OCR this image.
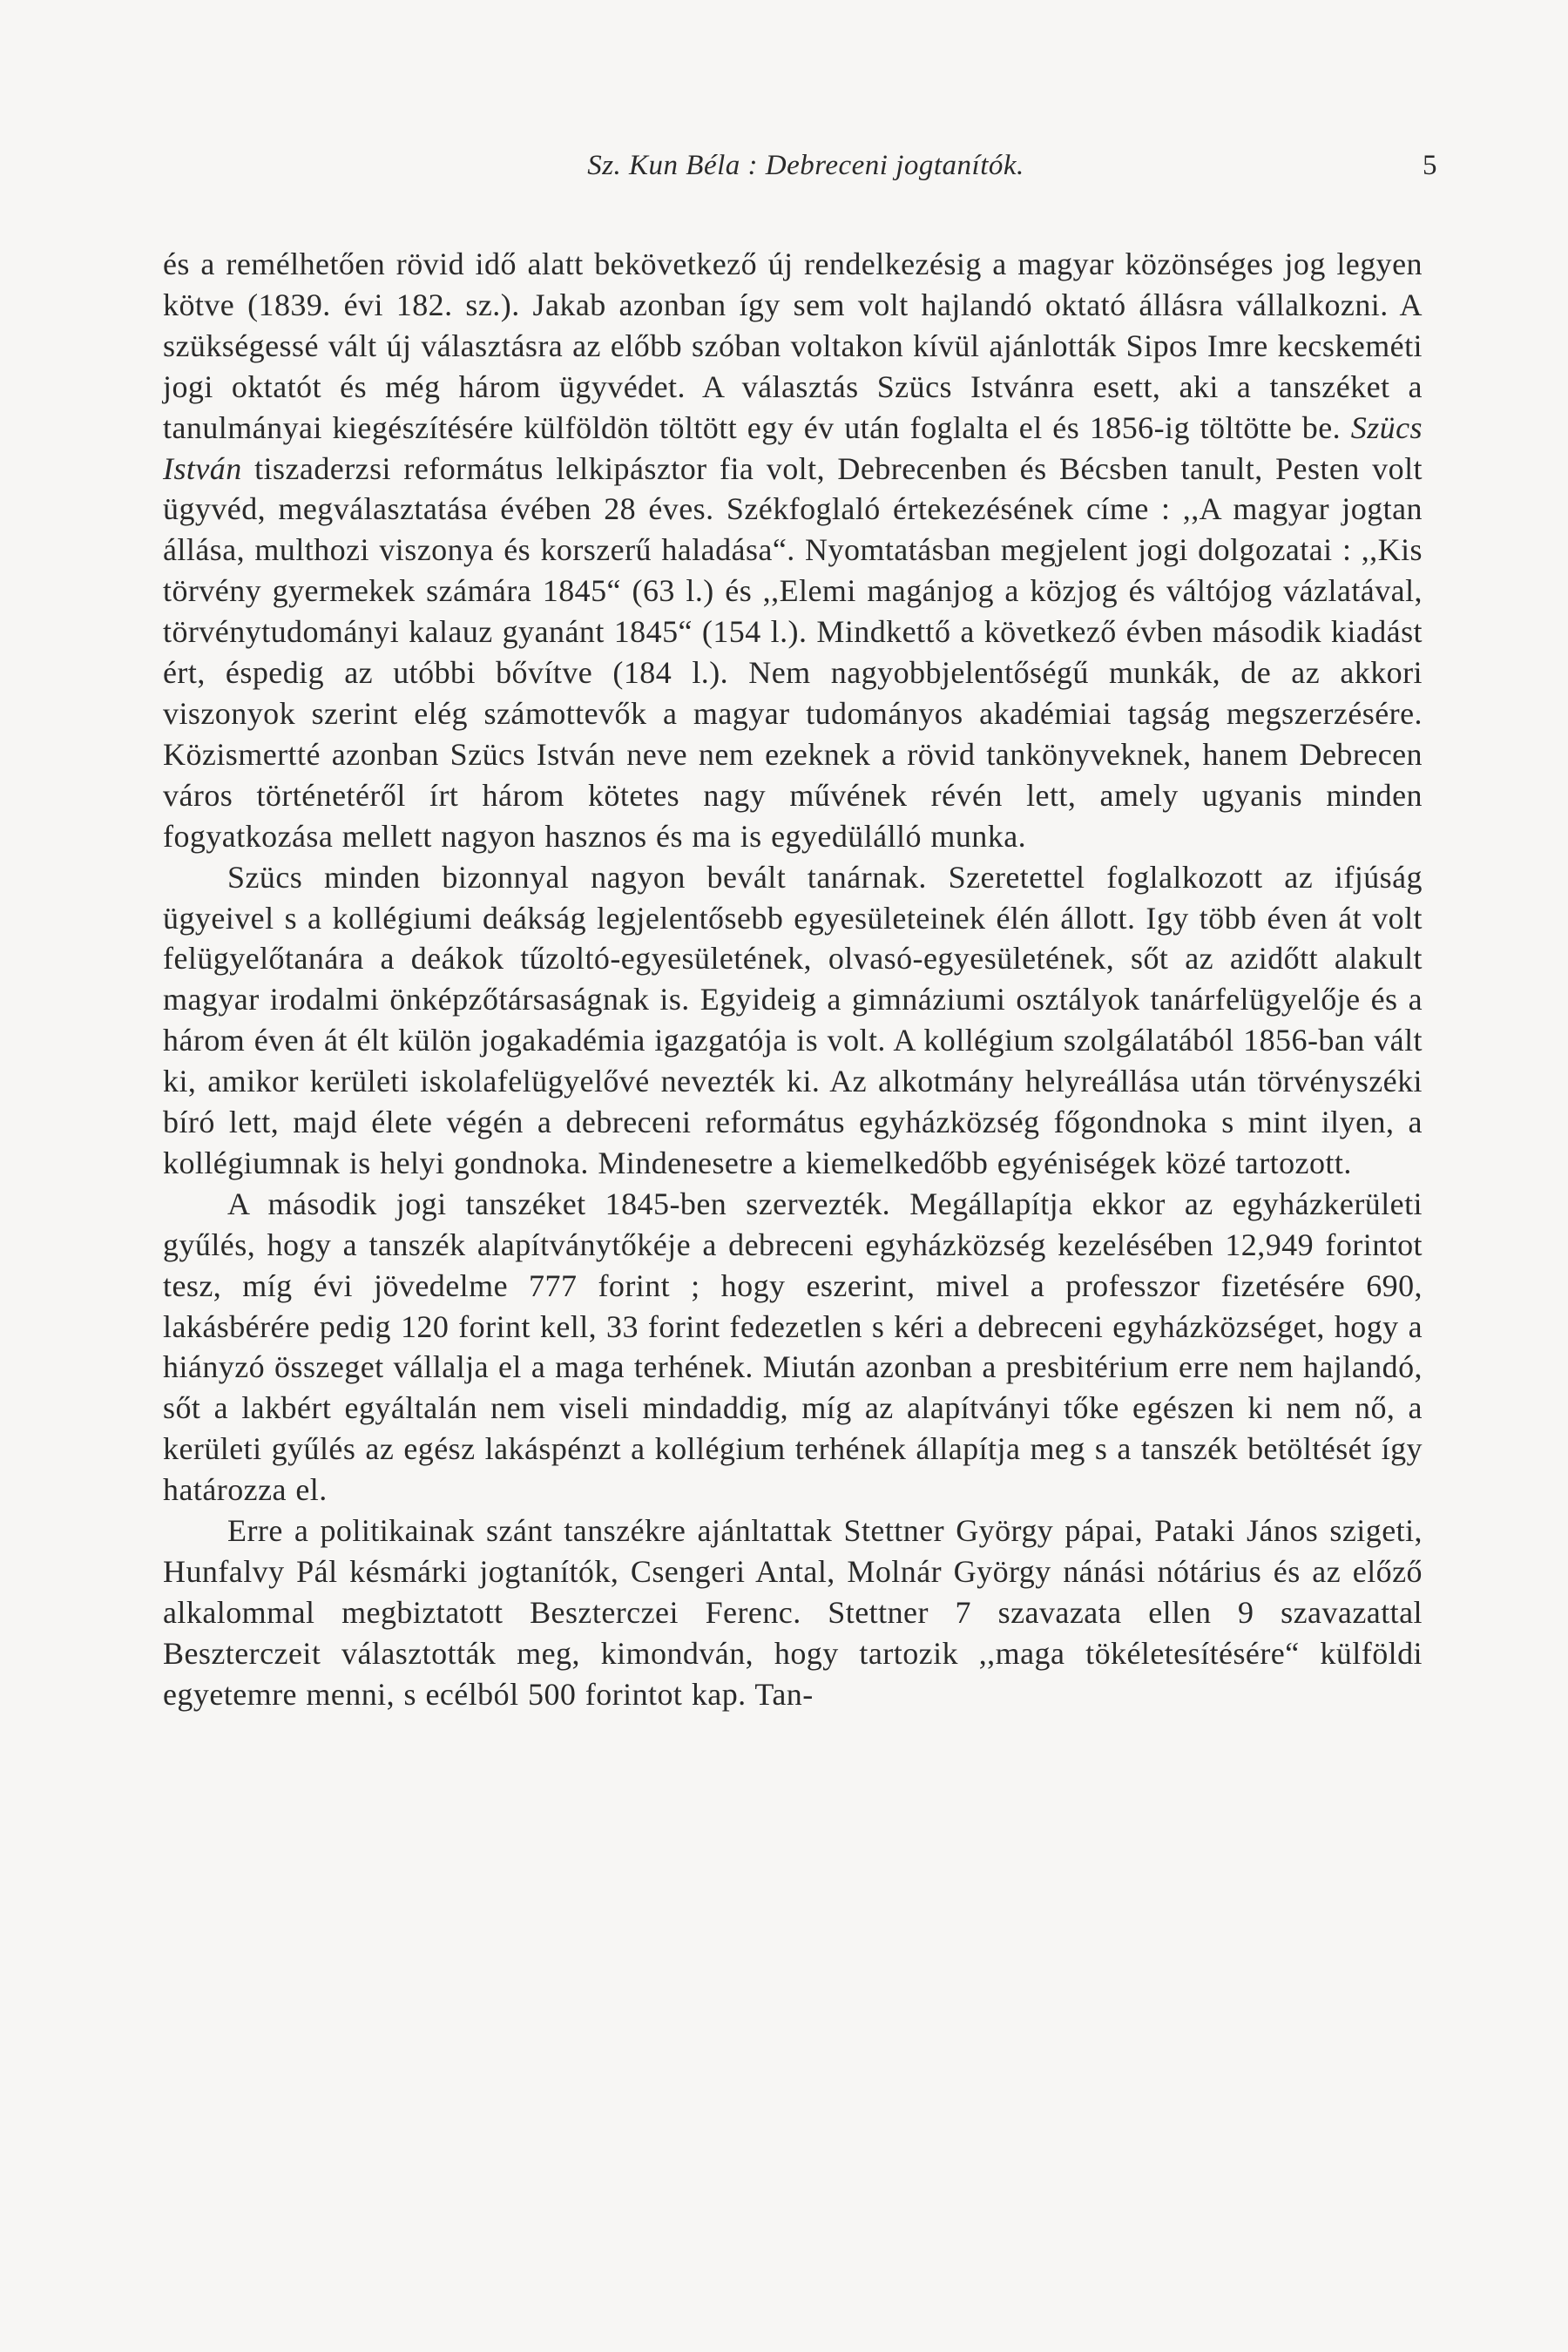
Sz. Kun Béla : Debreceni jogtanítók.	5

és a remélhetően rövid idő alatt bekövetkező új rendelkezésig a magyar közönséges jog legyen kötve (1839. évi 182. sz.). Jakab azonban így sem volt hajlandó oktató állásra vállalkozni. A szükségessé vált új választásra az előbb szóban voltakon kívül ajánlották Sipos Imre kecskeméti jogi oktatót és még három ügyvédet. A választás Szücs Istvánra esett, aki a tanszéket a tanulmányai kiegészítésére külföldön töltött egy év után foglalta el és 1856-ig töltötte be. Szücs István tiszaderzsi református lelkipásztor fia volt, Debrecenben és Bécsben tanult, Pesten volt ügyvéd, megválasztatása évében 28 éves. Székfoglaló értekezésének címe : ,,A magyar jogtan állása, multhozi viszonya és korszerű haladása“. Nyomtatásban megjelent jogi dolgozatai : ,,Kis törvény gyermekek számára 1845“ (63 l.) és ,,Elemi magánjog a közjog és váltójog vázlatával, törvénytudományi kalauz gyanánt 1845“ (154 l.). Mindkettő a következő évben második kiadást ért, éspedig az utóbbi bővítve (184 l.). Nem nagyobbjelentőségű munkák, de az akkori viszonyok szerint elég számottevők a magyar tudományos akadémiai tagság megszerzésére. Közismertté azonban Szücs István neve nem ezeknek a rövid tankönyveknek, hanem Debrecen város történetéről írt három kötetes nagy művének révén lett, amely ugyanis minden fogyatkozása mellett nagyon hasznos és ma is egyedülálló munka.

Szücs minden bizonnyal nagyon bevált tanárnak. Szeretettel foglalkozott az ifjúság ügyeivel s a kollégiumi deákság legjelentősebb egyesületeinek élén állott. Igy több éven át volt felügyelőtanára a deákok tűzoltó-egyesületének, olvasó-egyesületének, sőt az azidőtt alakult magyar irodalmi önképzőtársaságnak is. Egyideig a gimnáziumi osztályok tanárfelügyelője és a három éven át élt külön jogakadémia igazgatója is volt. A kollégium szolgálatából 1856-ban vált ki, amikor kerületi iskolafelügyelővé nevezték ki. Az alkotmány helyreállása után törvényszéki bíró lett, majd élete végén a debreceni református egyházközség főgondnoka s mint ilyen, a kollégiumnak is helyi gondnoka. Mindenesetre a kiemelkedőbb egyéniségek közé tartozott.

A második jogi tanszéket 1845-ben szervezték. Megállapítja ekkor az egyházkerületi gyűlés, hogy a tanszék alapítványtőkéje a debreceni egyházközség kezelésében 12,949 forintot tesz, míg évi jövedelme 777 forint ; hogy eszerint, mivel a professzor fizetésére 690, lakásbérére pedig 120 forint kell, 33 forint fedezetlen s kéri a debreceni egyházközséget, hogy a hiányzó összeget vállalja el a maga terhének. Miután azonban a presbitérium erre nem hajlandó, sőt a lakbért egyáltalán nem viseli mindaddig, míg az alapítványi tőke egészen ki nem nő, a kerületi gyűlés az egész lakáspénzt a kollégium terhének állapítja meg s a tanszék betöltését így határozza el.

Erre a politikainak szánt tanszékre ajánltattak Stettner György pápai, Pataki János szigeti, Hunfalvy Pál késmárki jogtanítók, Csengeri Antal, Molnár György nánási nótárius és az előző alkalommal megbiztatott Beszterczei Ferenc. Stettner 7 szavazata ellen 9 szavazattal Beszterczeit választották meg, kimondván, hogy tartozik ,,maga tökéletesítésére“ külföldi egyetemre menni, s ecélból 500 forintot kap. Tan-
